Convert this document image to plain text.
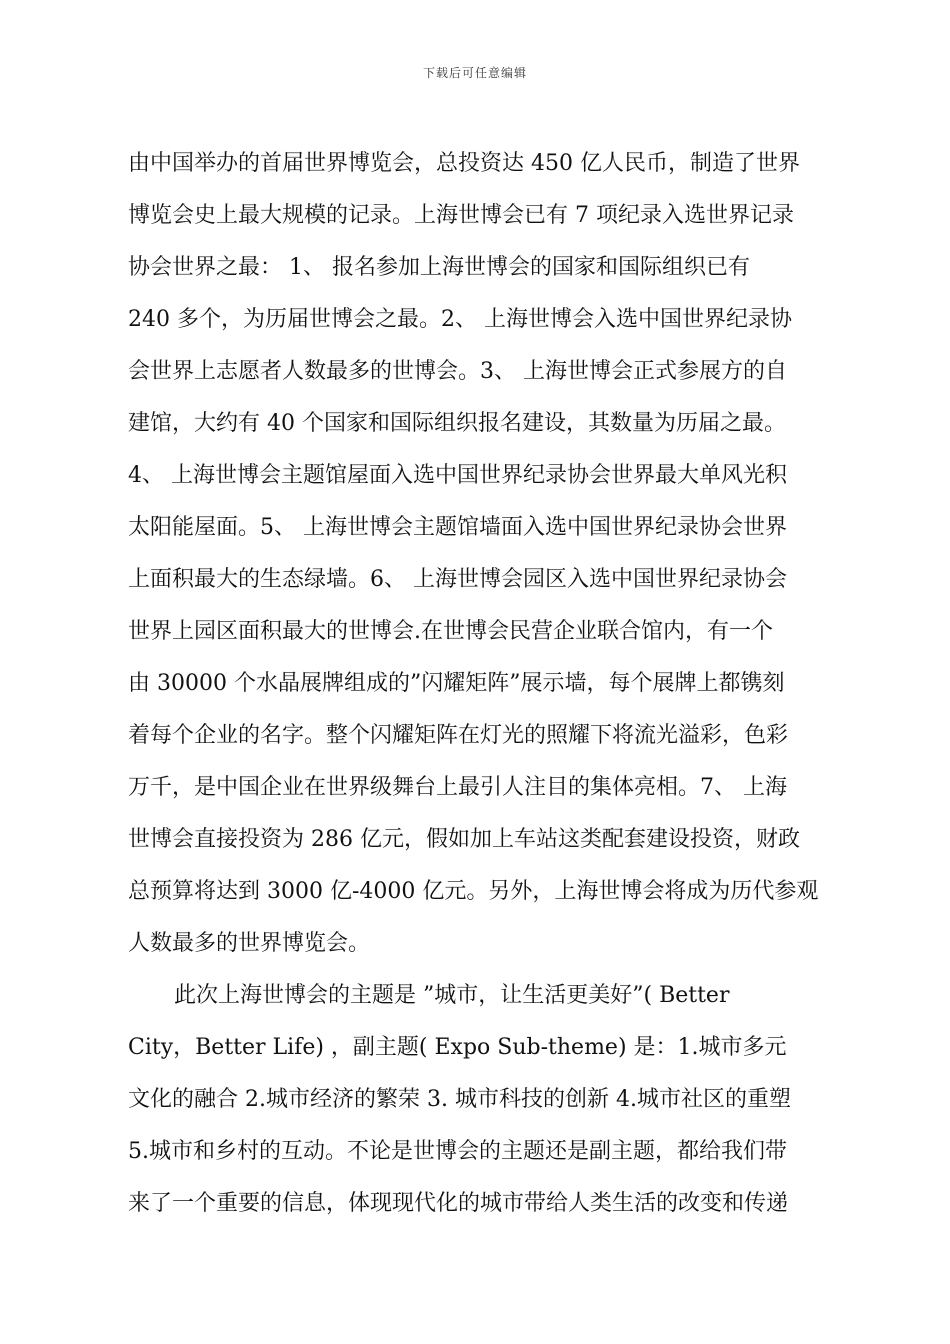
下载后可任意编辑
由中国举办的首届世界博览会，总投资达 450 亿人民币，制造了世界
博览会史上最大规模的记录。上海世博会已有 7 项纪录入选世界记录
协会世界之最： 1、 报名参加上海世博会的国家和国际组织已有
240 多个，为历届世博会之最。2、 上海世博会入选中国世界纪录协
会世界上志愿者人数最多的世博会。3、 上海世博会正式参展方的自
建馆，大约有 40 个国家和国际组织报名建设，其数量为历届之最。
4、 上海世博会主题馆屋面入选中国世界纪录协会世界最大单风光积
太阳能屋面。5、 上海世博会主题馆墙面入选中国世界纪录协会世界
上面积最大的生态绿墙。6、 上海世博会园区入选中国世界纪录协会
世界上园区面积最大的世博会.在世博会民营企业联合馆内，有一个
由 30000 个水晶展牌组成的”闪耀矩阵”展示墙，每个展牌上都镌刻
着每个企业的名字。整个闪耀矩阵在灯光的照耀下将流光溢彩，色彩
万千，是中国企业在世界级舞台上最引人注目的集体亮相。7、 上海
世博会直接投资为 286 亿元，假如加上车站这类配套建设投资，财政
总预算将达到 3000 亿-4000 亿元。另外，上海世博会将成为历代参观
人数最多的世界博览会。
此次上海世博会的主题是 ”城市，让生活更美好”( Better
City，Better Life) ，副主题( Expo Sub-theme) 是：1.城市多元
文化的融合 2.城市经济的繁荣 3. 城市科技的创新 4.城市社区的重塑
5.城市和乡村的互动。不论是世博会的主题还是副主题，都给我们带
来了一个重要的信息，体现现代化的城市带给人类生活的改变和传递
